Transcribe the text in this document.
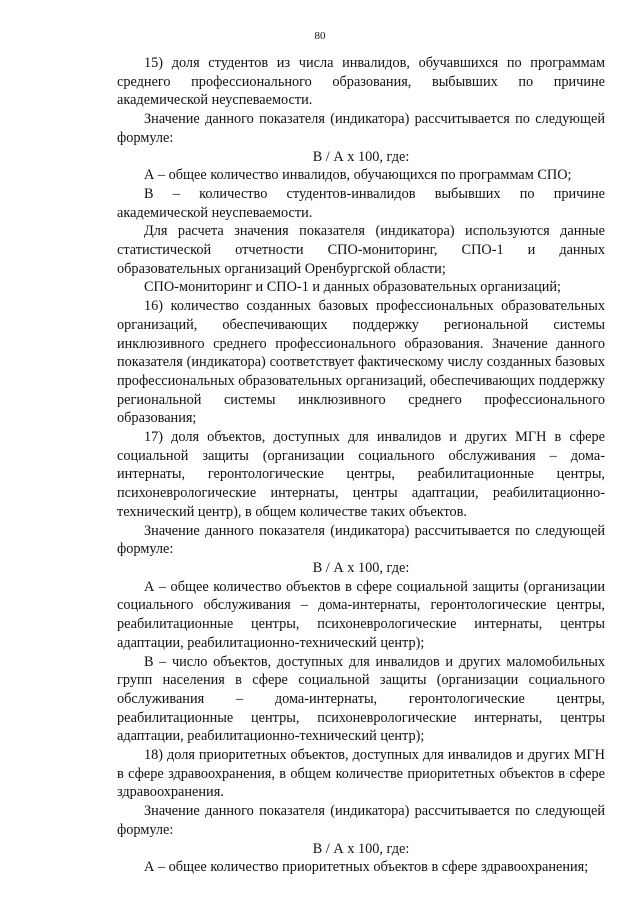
80

15) доля студентов из числа инвалидов, обучавшихся по программам среднего профессионального образования, выбывших по причине академической неуспеваемости.

Значение данного показателя (индикатора) рассчитывается по следующей формуле:

В / А х 100, где:

А – общее количество инвалидов, обучающихся по программам СПО;

В – количество студентов-инвалидов выбывших по причине академической неуспеваемости.

Для расчета значения показателя (индикатора) используются данные статистической отчетности СПО-мониторинг, СПО-1 и данных образовательных организаций Оренбургской области;

СПО-мониторинг и СПО-1 и данных образовательных организаций;

16) количество созданных базовых профессиональных образовательных организаций, обеспечивающих поддержку региональной системы инклюзивного среднего профессионального образования. Значение данного показателя (индикатора) соответствует фактическому числу созданных базовых профессиональных образовательных организаций, обеспечивающих поддержку региональной системы инклюзивного среднего профессионального образования;

17) доля объектов, доступных для инвалидов и других МГН в сфере социальной защиты (организации социального обслуживания – дома-интернаты, геронтологические центры, реабилитационные центры, психоневрологические интернаты, центры адаптации, реабилитационно-технический центр), в общем количестве таких объектов.

Значение данного показателя (индикатора) рассчитывается по следующей формуле:

В / А х 100, где:

А – общее количество объектов в сфере социальной защиты (организации социального обслуживания – дома-интернаты, геронтологические центры, реабилитационные центры, психоневрологические интернаты, центры адаптации, реабилитационно-технический центр);

В – число объектов, доступных для инвалидов и других маломобильных групп населения в сфере социальной защиты (организации социального обслуживания – дома-интернаты, геронтологические центры, реабилитационные центры, психоневрологические интернаты, центры адаптации, реабилитационно-технический центр);

18) доля приоритетных объектов, доступных для инвалидов и других МГН в сфере здравоохранения, в общем количестве приоритетных объектов в сфере здравоохранения.

Значение данного показателя (индикатора) рассчитывается по следующей формуле:

В / А х 100, где:

А – общее количество приоритетных объектов в сфере здравоохранения;
